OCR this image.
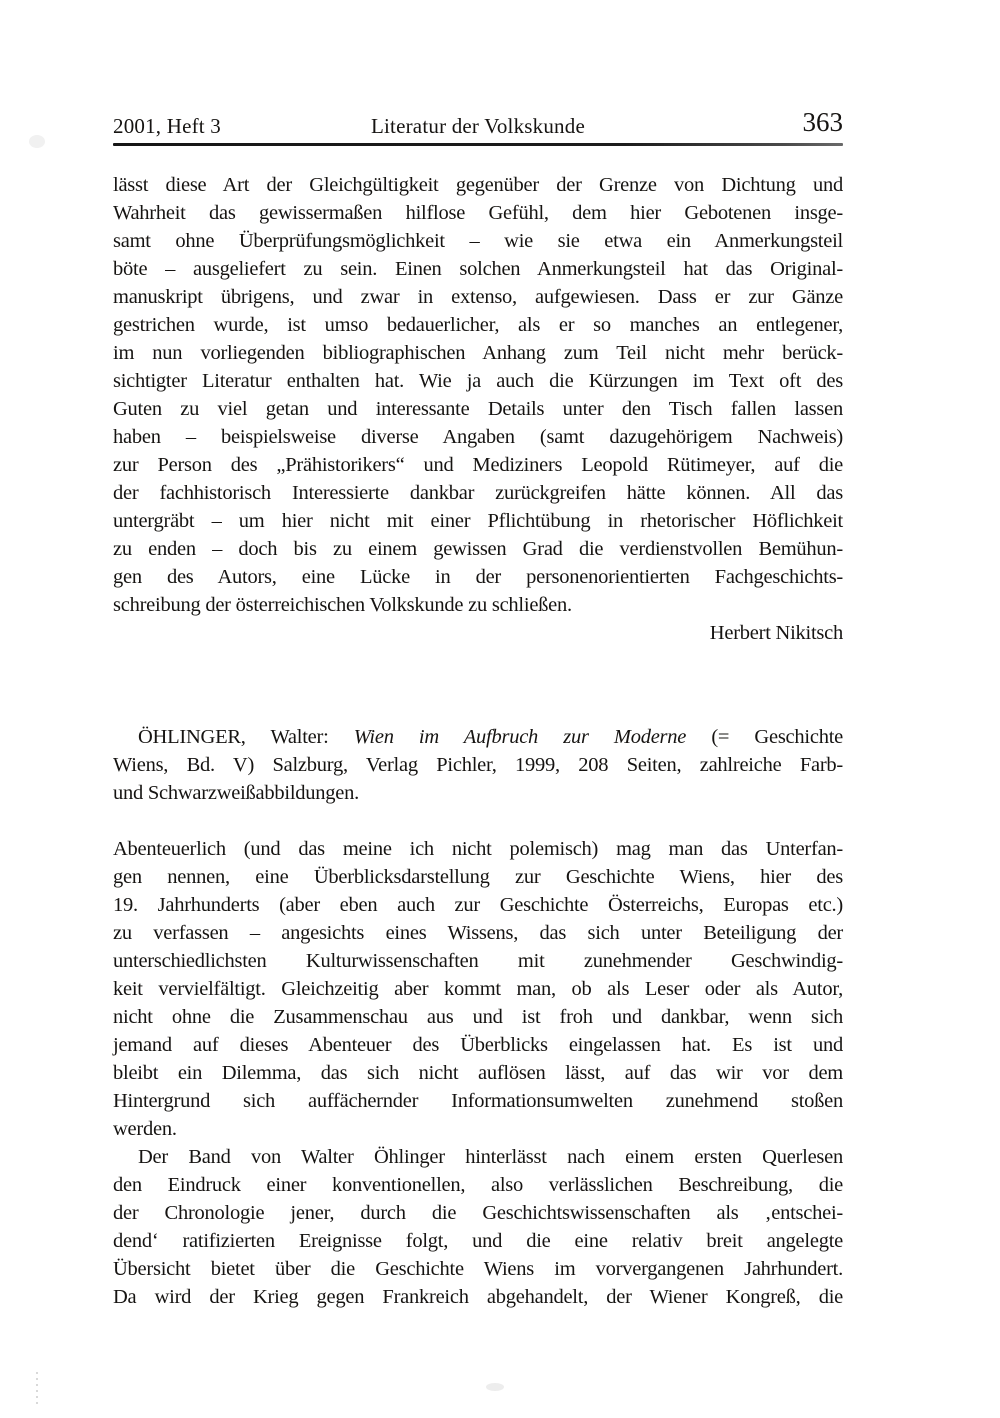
2001, Heft 3	Literatur der Volkskunde	363
lässt diese Art der Gleichgültigkeit gegenüber der Grenze von Dichtung und
Wahrheit das gewissermaßen hilflose Gefühl, dem hier Gebotenen insge-
samt ohne Überprüfungsmöglichkeit – wie sie etwa ein Anmerkungsteil
böte – ausgeliefert zu sein. Einen solchen Anmerkungsteil hat das Original-
manuskript übrigens, und zwar in extenso, aufgewiesen. Dass er zur Gänze
gestrichen wurde, ist umso bedauerlicher, als er so manches an entlegener,
im nun vorliegenden bibliographischen Anhang zum Teil nicht mehr berück-
sichtigter Literatur enthalten hat. Wie ja auch die Kürzungen im Text oft des
Guten zu viel getan und interessante Details unter den Tisch fallen lassen
haben – beispielsweise diverse Angaben (samt dazugehörigem Nachweis)
zur Person des „Prähistorikers“ und Mediziners Leopold Rütimeyer, auf die
der fachhistorisch Interessierte dankbar zurückgreifen hätte können. All das
untergräbt – um hier nicht mit einer Pflichtübung in rhetorischer Höflichkeit
zu enden – doch bis zu einem gewissen Grad die verdienstvollen Bemühun-
gen des Autors, eine Lücke in der personenorientierten Fachgeschichts-
schreibung der österreichischen Volkskunde zu schließen.
Herbert Nikitsch
ÖHLINGER, Walter: Wien im Aufbruch zur Moderne (= Geschichte
Wiens, Bd. V) Salzburg, Verlag Pichler, 1999, 208 Seiten, zahlreiche Farb-
und Schwarzweißabbildungen.
Abenteuerlich (und das meine ich nicht polemisch) mag man das Unterfan-
gen nennen, eine Überblicksdarstellung zur Geschichte Wiens, hier des
19. Jahrhunderts (aber eben auch zur Geschichte Österreichs, Europas etc.)
zu verfassen – angesichts eines Wissens, das sich unter Beteiligung der
unterschiedlichsten Kulturwissenschaften mit zunehmender Geschwindig-
keit vervielfältigt. Gleichzeitig aber kommt man, ob als Leser oder als Autor,
nicht ohne die Zusammenschau aus und ist froh und dankbar, wenn sich
jemand auf dieses Abenteuer des Überblicks eingelassen hat. Es ist und
bleibt ein Dilemma, das sich nicht auflösen lässt, auf das wir vor dem
Hintergrund sich auffächernder Informationsumwelten zunehmend stoßen
werden.
Der Band von Walter Öhlinger hinterlässt nach einem ersten Querlesen
den Eindruck einer konventionellen, also verlässlichen Beschreibung, die
der Chronologie jener, durch die Geschichtswissenschaften als ‚entschei-
dend‘ ratifizierten Ereignisse folgt, und die eine relativ breit angelegte
Übersicht bietet über die Geschichte Wiens im vorvergangenen Jahrhundert.
Da wird der Krieg gegen Frankreich abgehandelt, der Wiener Kongreß, die
